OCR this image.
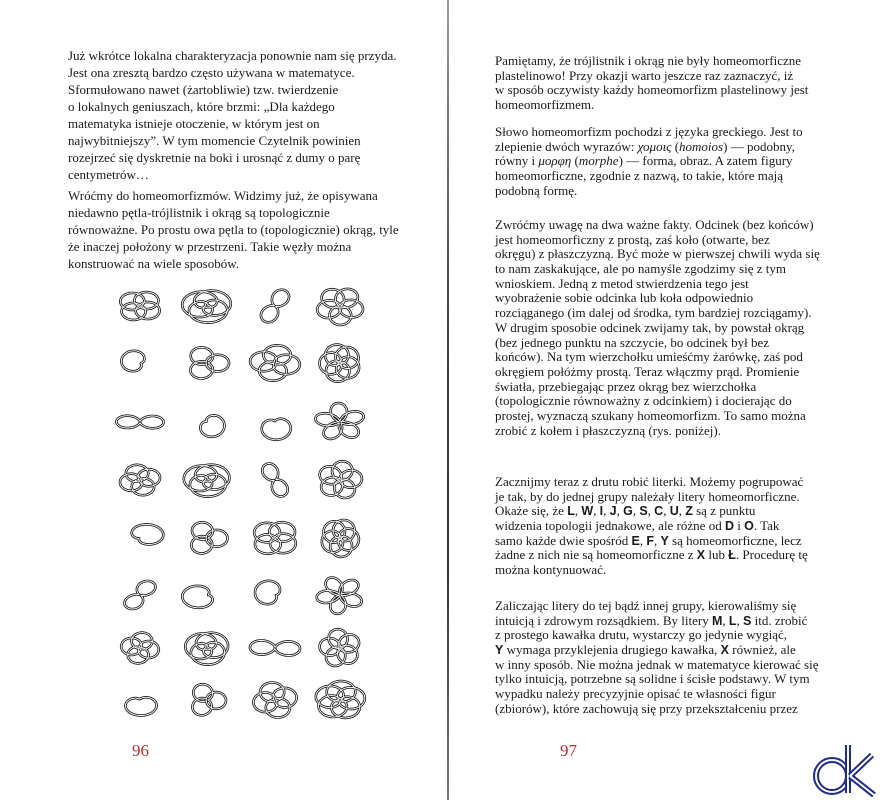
Już wkrótce lokalna charakteryzacja ponownie nam się przyda.
Jest ona zresztą bardzo często używana w matematyce.
Sformułowano nawet (żartobliwie) tzw. twierdzenie
o lokalnych geniuszach, które brzmi: „Dla każdego
matematyka istnieje otoczenie, w którym jest on
najwybitniejszy”. W tym momencie Czytelnik powinien
rozejrzeć się dyskretnie na boki i urosnąć z dumy o parę
centymetrów…
Wróćmy do homeomorfizmów. Widzimy już, że opisywana
niedawno pętla-trójlistnik i okrąg są topologicznie
równoważne. Po prostu owa pętla to (topologicznie) okrąg, tyle
że inaczej położony w przestrzeni. Takie węzły można
konstruować na wiele sposobów.
96
Pamiętamy, że trójlistnik i okrąg nie były homeomorficzne
plastelinowo! Przy okazji warto jeszcze raz zaznaczyć, iż
w sposób oczywisty każdy homeomorfizm plastelinowy jest
homeomorfizmem.
Słowo homeomorfizm pochodzi z języka greckiego. Jest to
zlepienie dwóch wyrazów: χομοις (homoios) — podobny,
równy i μορφη (morphe) — forma, obraz. A zatem figury
homeomorficzne, zgodnie z nazwą, to takie, które mają
podobną formę.
Zwróćmy uwagę na dwa ważne fakty. Odcinek (bez końców)
jest homeomorficzny z prostą, zaś koło (otwarte, bez
okręgu) z płaszczyzną. Być może w pierwszej chwili wyda się
to nam zaskakujące, ale po namyśle zgodzimy się z tym
wnioskiem. Jedną z metod stwierdzenia tego jest
wyobrażenie sobie odcinka lub koła odpowiednio
rozciąganego (im dalej od środka, tym bardziej rozciągamy).
W drugim sposobie odcinek zwijamy tak, by powstał okrąg
(bez jednego punktu na szczycie, bo odcinek był bez
końców). Na tym wierzchołku umieśćmy żarówkę, zaś pod
okręgiem połóżmy prostą. Teraz włączmy prąd. Promienie
światła, przebiegając przez okrąg bez wierzchołka
(topologicznie równoważny z odcinkiem) i docierając do
prostej, wyznaczą szukany homeomorfizm. To samo można
zrobić z kołem i płaszczyzną (rys. poniżej).
Zacznijmy teraz z drutu robić literki. Możemy pogrupować
je tak, by do jednej grupy należały litery homeomorficzne.
Okaże się, że L, W, I, J, G, S, C, U, Z są z punktu
widzenia topologii jednakowe, ale różne od D i O. Tak
samo każde dwie spośród E, F, Y są homeomorficzne, lecz
żadne z nich nie są homeomorficzne z X lub Ł. Procedurę tę
można kontynuować.
Zaliczając litery do tej bądź innej grupy, kierowaliśmy się
intuicją i zdrowym rozsądkiem. By litery M, L, S itd. zrobić
z prostego kawałka drutu, wystarczy go jedynie wygiąć,
Y wymaga przyklejenia drugiego kawałka, X również, ale
w inny sposób. Nie można jednak w matematyce kierować się
tylko intuicją, potrzebne są solidne i ścisłe podstawy. W tym
wypadku należy precyzyjnie opisać te własności figur
(zbiorów), które zachowują się przy przekształceniu przez
97
